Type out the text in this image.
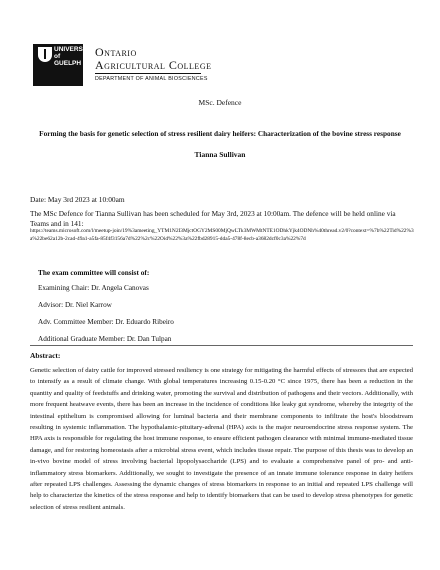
UNIVERSITY
of
GUELPH
Ontario
Agricultural College
DEPARTMENT OF ANIMAL BIOSCIENCES
MSc. Defence
Forming the basis for genetic selection of stress resilient dairy heifers: Characterization of the bovine stress response
Tianna Sullivan
Date: May 3rd 2023 at 10:00am
The MSc Defence for Tianna Sullivan has been scheduled for May 3rd, 2023 at 10:00am. The defence will be held online via Teams and in 141:
https://teams.microsoft.com/l/meetup-join/19%3ameeting_YTM1N2I3MjctOGY2MS00MjQwLTk3MWMtNTE1ODhkYjk4ODNh%40thread.v2/0?context=%7b%22Tid%22%3a%22be62a12b-2cad-49a1-a5fa-85f4f3156a7d%22%2c%22Oid%22%3a%22fbd28915-dda5-478f-8ecb-a3682dcf0c3a%22%7d
The exam committee will consist of:
Examining Chair: Dr. Angela Canovas
Advisor: Dr. Niel Karrow
Adv. Committee Member: Dr. Eduardo Ribeiro
Additional Graduate Member: Dr. Dan Tulpan
Abstract:
Genetic selection of dairy cattle for improved stressed resiliency is one strategy for mitigating the harmful effects of stressors that are expected to intensify as a result of climate change. With global temperatures increasing 0.15-0.20 °C since 1975, there has been a reduction in the quantity and quality of feedstuffs and drinking water, promoting the survival and distribution of pathogens and their vectors. Additionally, with more frequent heatwave events, there has been an increase in the incidence of conditions like leaky gut syndrome, whereby the integrity of the intestinal epithelium is compromised allowing for luminal bacteria and their membrane components to infiltrate the host's bloodstream resulting in systemic inflammation. The hypothalamic-pituitary-adrenal (HPA) axis is the major neuroendocrine stress response system. The HPA axis is responsible for regulating the host immune response, to ensure efficient pathogen clearance with minimal immune-mediated tissue damage, and for restoring homeostasis after a microbial stress event, which includes tissue repair. The purpose of this thesis was to develop an in-vivo bovine model of stress involving bacterial lipopolysaccharide (LPS) and to evaluate a comprehensive panel of pro- and anti-inflammatory stress biomarkers. Additionally, we sought to investigate the presence of an innate immune tolerance response in dairy heifers after repeated LPS challenges. Assessing the dynamic changes of stress biomarkers in response to an initial and repeated LPS challenge will help to characterize the kinetics of the stress response and help to identify biomarkers that can be used to develop stress phenotypes for genetic selection of stress resilient animals.
